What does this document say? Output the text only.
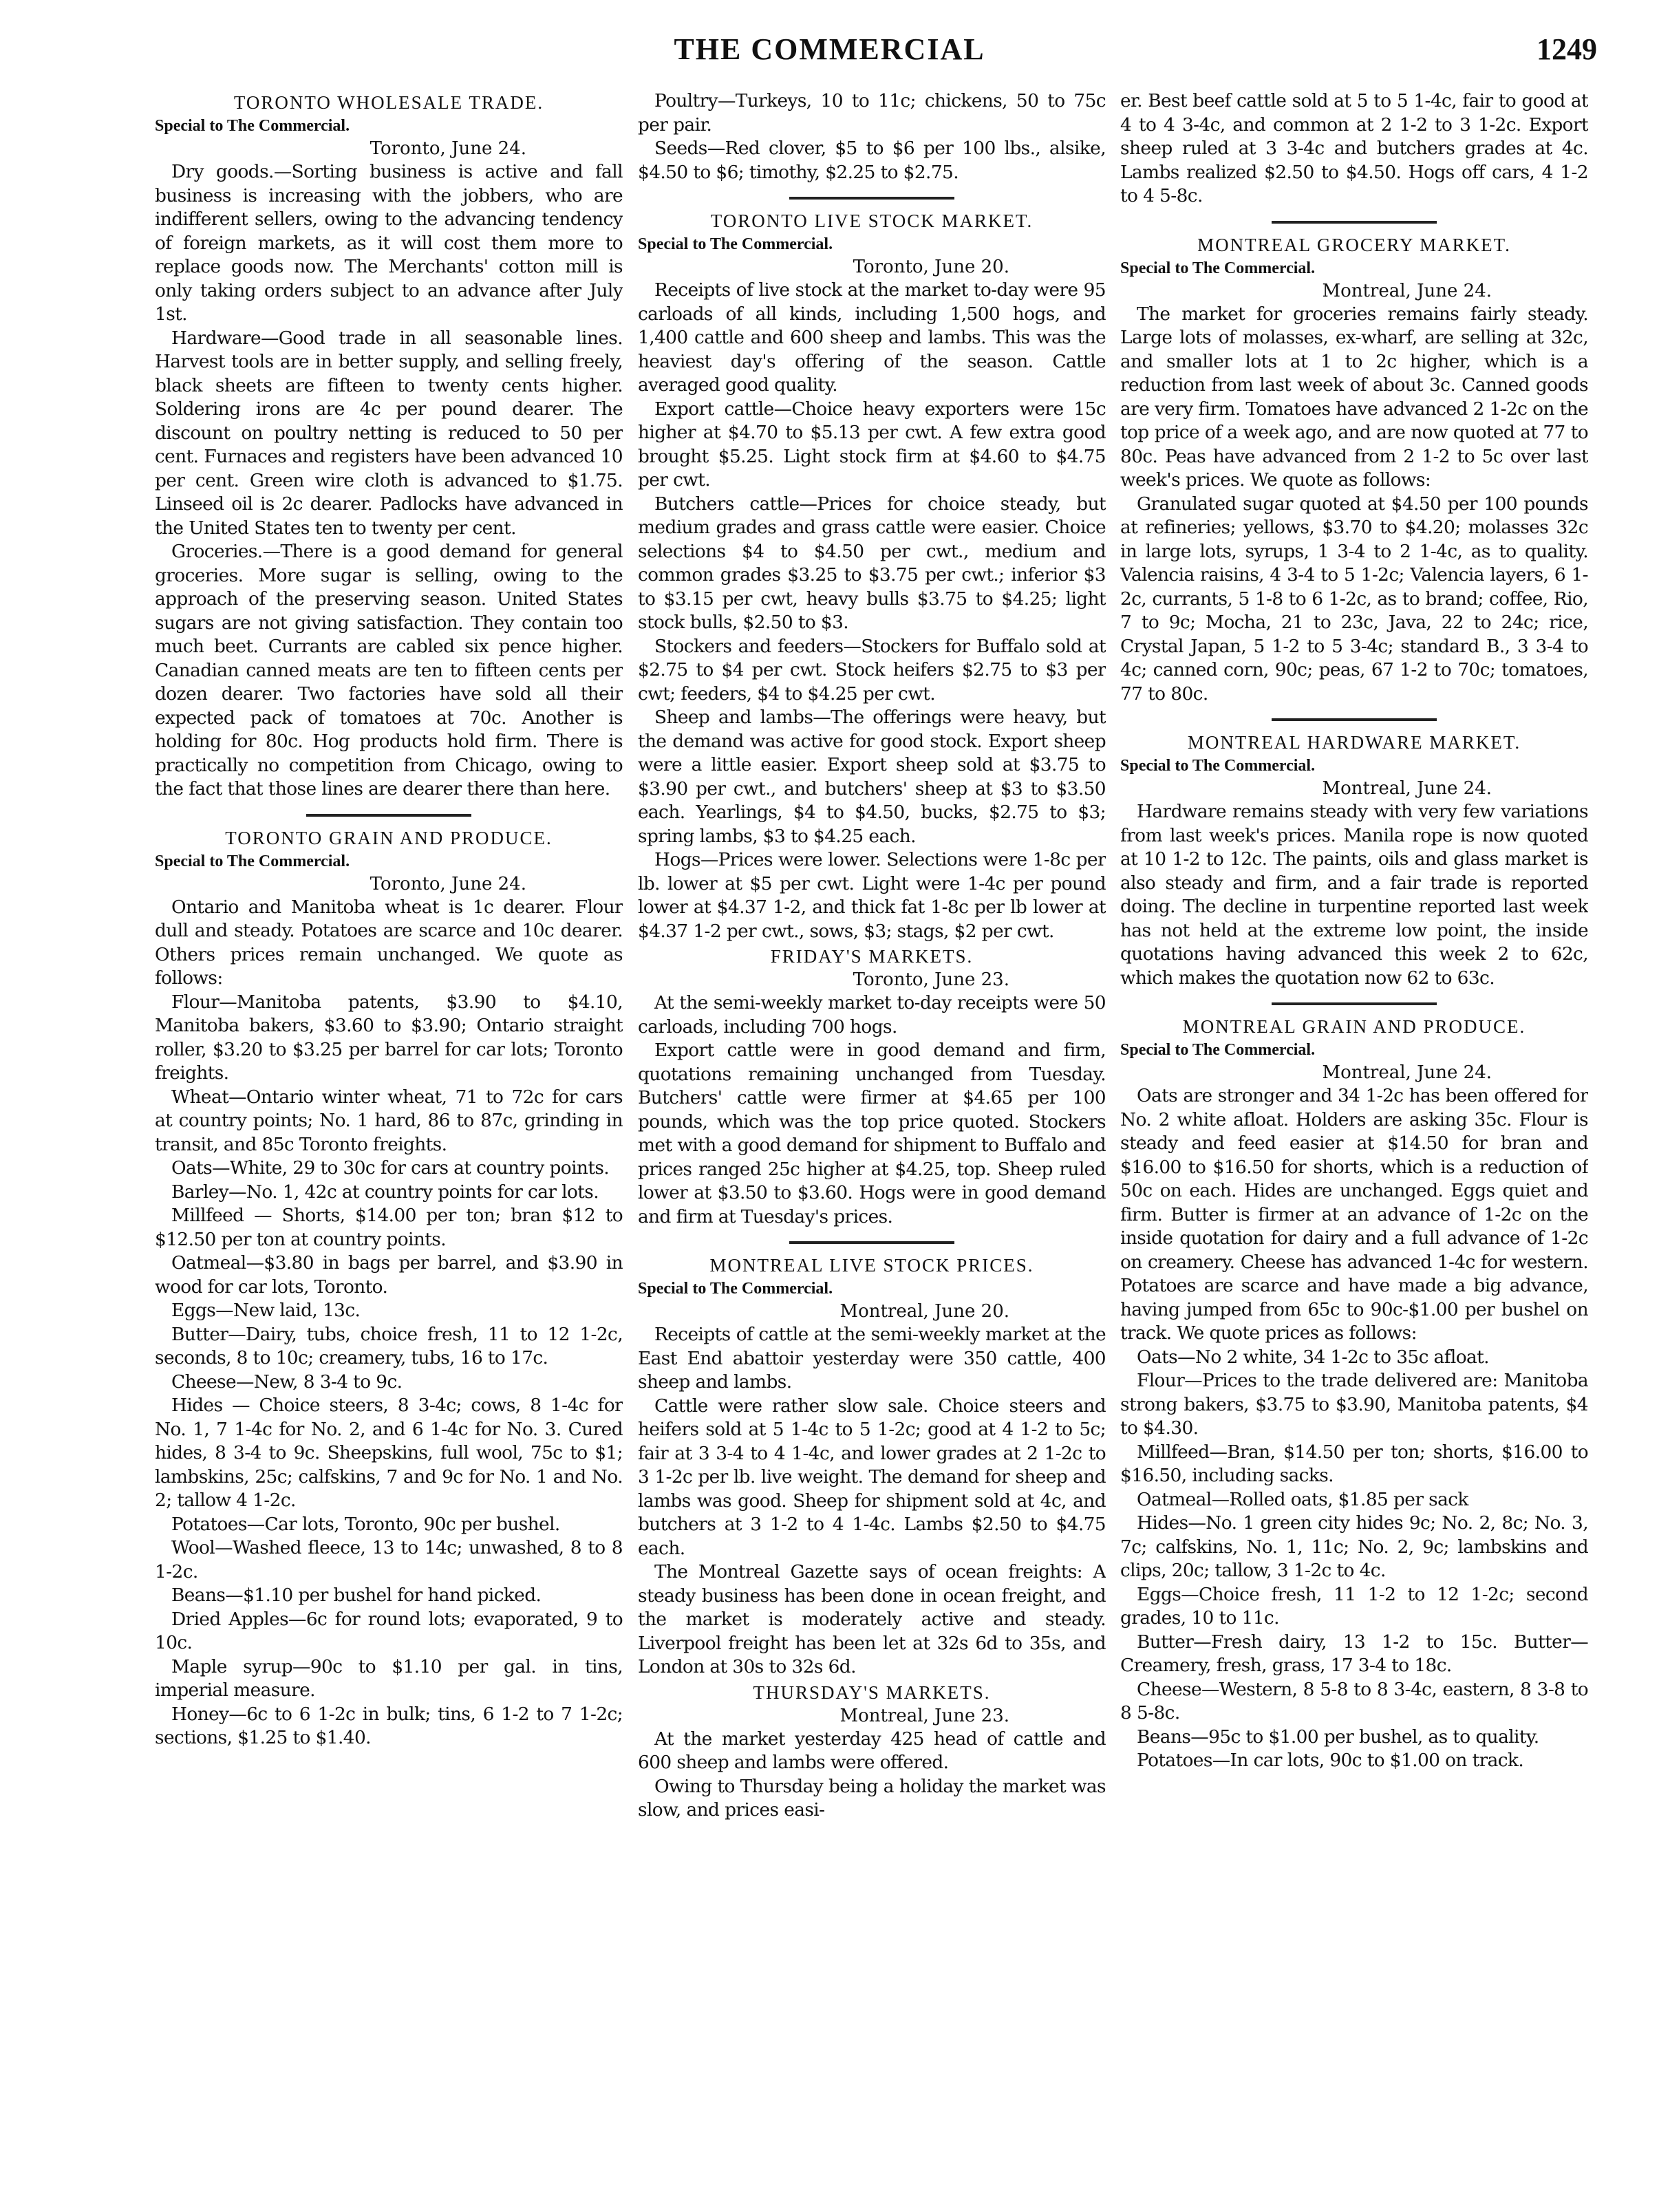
THE COMMERCIAL	1249
TORONTO WHOLESALE TRADE.
Special to The Commercial.
Toronto, June 24.

Dry goods.—Sorting business is active and fall business is increasing with the jobbers, who are indifferent sellers, owing to the advancing tendency of foreign markets, as it will cost them more to replace goods now. The Merchants' cotton mill is only taking orders subject to an advance after July 1st.

Hardware—Good trade in all seasonable lines. Harvest tools are in better supply, and selling freely, black sheets are fifteen to twenty cents higher. Soldering irons are 4c per pound dearer. The discount on poultry netting is reduced to 50 per cent. Furnaces and registers have been advanced 10 per cent. Green wire cloth is advanced to $1.75. Linseed oil is 2c dearer. Padlocks have advanced in the United States ten to twenty per cent.

Groceries.—There is a good demand for general groceries. More sugar is selling, owing to the approach of the preserving season. United States sugars are not giving satisfaction. They contain too much beet. Currants are cabled six pence higher. Canadian canned meats are ten to fifteen cents per dozen dearer. Two factories have sold all their expected pack of tomatoes at 70c. Another is holding for 80c. Hog products hold firm. There is practically no competition from Chicago, owing to the fact that those lines are dearer there than here.

TORONTO GRAIN AND PRODUCE.
Special to The Commercial.
Toronto, June 24.

Ontario and Manitoba wheat is 1c dearer. Flour dull and steady. Potatoes are scarce and 10c dearer. Others prices remain unchanged. We quote as follows:

Flour—Manitoba patents, $3.90 to $4.10, Manitoba bakers, $3.60 to $3.90; Ontario straight roller, $3.20 to $3.25 per barrel for car lots; Toronto freights.

Wheat—Ontario winter wheat, 71 to 72c for cars at country points; No. 1 hard, 86 to 87c, grinding in transit, and 85c Toronto freights.

Oats—White, 29 to 30c for cars at country points.

Barley—No. 1, 42c at country points for car lots.

Millfeed — Shorts, $14.00 per ton; bran $12 to $12.50 per ton at country points.

Oatmeal—$3.80 in bags per barrel, and $3.90 in wood for car lots, Toronto.

Eggs—New laid, 13c.

Butter—Dairy, tubs, choice fresh, 11 to 12 1-2c, seconds, 8 to 10c; creamery, tubs, 16 to 17c.

Cheese—New, 8 3-4 to 9c.

Hides — Choice steers, 8 3-4c; cows, 8 1-4c for No. 1, 7 1-4c for No. 2, and 6 1-4c for No. 3. Cured hides, 8 3-4 to 9c. Sheepskins, full wool, 75c to $1; lambskins, 25c; calfskins, 7 and 9c for No. 1 and No. 2; tallow 4 1-2c.

Potatoes—Car lots, Toronto, 90c per bushel.

Wool—Washed fleece, 13 to 14c; unwashed, 8 to 8 1-2c.

Beans—$1.10 per bushel for hand picked.

Dried Apples—6c for round lots; evaporated, 9 to 10c.

Maple syrup—90c to $1.10 per gal. in tins, imperial measure.

Honey—6c to 6 1-2c in bulk; tins, 6 1-2 to 7 1-2c; sections, $1.25 to $1.40.

Poultry—Turkeys, 10 to 11c; chickens, 50 to 75c per pair.

Seeds—Red clover, $5 to $6 per 100 lbs., alsike, $4.50 to $6; timothy, $2.25 to $2.75.

TORONTO LIVE STOCK MARKET.
Special to The Commercial.
Toronto, June 20.

Receipts of live stock at the market to-day were 95 carloads of all kinds, including 1,500 hogs, and 1,400 cattle and 600 sheep and lambs. This was the heaviest day's offering of the season. Cattle averaged good quality.

Export cattle—Choice heavy exporters were 15c higher at $4.70 to $5.13 per cwt. A few extra good brought $5.25. Light stock firm at $4.60 to $4.75 per cwt.

Butchers cattle—Prices for choice steady, but medium grades and grass cattle were easier. Choice selections $4 to $4.50 per cwt., medium and common grades $3.25 to $3.75 per cwt.; inferior $3 to $3.15 per cwt, heavy bulls $3.75 to $4.25; light stock bulls, $2.50 to $3.

Stockers and feeders—Stockers for Buffalo sold at $2.75 to $4 per cwt. Stock heifers $2.75 to $3 per cwt; feeders, $4 to $4.25 per cwt.

Sheep and lambs—The offerings were heavy, but the demand was active for good stock. Export sheep were a little easier. Export sheep sold at $3.75 to $3.90 per cwt., and butchers' sheep at $3 to $3.50 each. Yearlings, $4 to $4.50, bucks, $2.75 to $3; spring lambs, $3 to $4.25 each.

Hogs—Prices were lower. Selections were 1-8c per lb. lower at $5 per cwt. Light were 1-4c per pound lower at $4.37 1-2, and thick fat 1-8c per lb lower at $4.37 1-2 per cwt., sows, $3; stags, $2 per cwt.

FRIDAY'S MARKETS.
Toronto, June 23.

At the semi-weekly market to-day receipts were 50 carloads, including 700 hogs.

Export cattle were in good demand and firm, quotations remaining unchanged from Tuesday. Butchers' cattle were firmer at $4.65 per 100 pounds, which was the top price quoted. Stockers met with a good demand for shipment to Buffalo and prices ranged 25c higher at $4.25, top. Sheep ruled lower at $3.50 to $3.60. Hogs were in good demand and firm at Tuesday's prices.

MONTREAL LIVE STOCK PRICES.
Special to The Commercial.
Montreal, June 20.

Receipts of cattle at the semi-weekly market at the East End abattoir yesterday were 350 cattle, 400 sheep and lambs.

Cattle were rather slow sale. Choice steers and heifers sold at 5 1-4c to 5 1-2c; good at 4 1-2 to 5c; fair at 3 3-4 to 4 1-4c, and lower grades at 2 1-2c to 3 1-2c per lb. live weight. The demand for sheep and lambs was good. Sheep for shipment sold at 4c, and butchers at 3 1-2 to 4 1-4c. Lambs $2.50 to $4.75 each.

The Montreal Gazette says of ocean freights: A steady business has been done in ocean freight, and the market is moderately active and steady. Liverpool freight has been let at 32s 6d to 35s, and London at 30s to 32s 6d.

THURSDAY'S MARKETS.
Montreal, June 23.

At the market yesterday 425 head of cattle and 600 sheep and lambs were offered.

Owing to Thursday being a holiday the market was slow, and prices easi-

er. Best beef cattle sold at 5 to 5 1-4c, fair to good at 4 to 4 3-4c, and common at 2 1-2 to 3 1-2c. Export sheep ruled at 3 3-4c and butchers grades at 4c. Lambs realized $2.50 to $4.50. Hogs off cars, 4 1-2 to 4 5-8c.

MONTREAL GROCERY MARKET.
Special to The Commercial.
Montreal, June 24.

The market for groceries remains fairly steady. Large lots of molasses, ex-wharf, are selling at 32c, and smaller lots at 1 to 2c higher, which is a reduction from last week of about 3c. Canned goods are very firm. Tomatoes have advanced 2 1-2c on the top price of a week ago, and are now quoted at 77 to 80c. Peas have advanced from 2 1-2 to 5c over last week's prices. We quote as follows:

Granulated sugar quoted at $4.50 per 100 pounds at refineries; yellows, $3.70 to $4.20; molasses 32c in large lots, syrups, 1 3-4 to 2 1-4c, as to quality. Valencia raisins, 4 3-4 to 5 1-2c; Valencia layers, 6 1-2c, currants, 5 1-8 to 6 1-2c, as to brand; coffee, Rio, 7 to 9c; Mocha, 21 to 23c, Java, 22 to 24c; rice, Crystal Japan, 5 1-2 to 5 3-4c; standard B., 3 3-4 to 4c; canned corn, 90c; peas, 67 1-2 to 70c; tomatoes, 77 to 80c.

MONTREAL HARDWARE MARKET.
Special to The Commercial.
Montreal, June 24.

Hardware remains steady with very few variations from last week's prices. Manila rope is now quoted at 10 1-2 to 12c. The paints, oils and glass market is also steady and firm, and a fair trade is reported doing. The decline in turpentine reported last week has not held at the extreme low point, the inside quotations having advanced this week 2 to 62c, which makes the quotation now 62 to 63c.

MONTREAL GRAIN AND PRODUCE.
Special to The Commercial.
Montreal, June 24.

Oats are stronger and 34 1-2c has been offered for No. 2 white afloat. Holders are asking 35c. Flour is steady and feed easier at $14.50 for bran and $16.00 to $16.50 for shorts, which is a reduction of 50c on each. Hides are unchanged. Eggs quiet and firm. Butter is firmer at an advance of 1-2c on the inside quotation for dairy and a full advance of 1-2c on creamery. Cheese has advanced 1-4c for western. Potatoes are scarce and have made a big advance, having jumped from 65c to 90c-$1.00 per bushel on track. We quote prices as follows:

Oats—No 2 white, 34 1-2c to 35c afloat.

Flour—Prices to the trade delivered are: Manitoba strong bakers, $3.75 to $3.90, Manitoba patents, $4 to $4.30.

Millfeed—Bran, $14.50 per ton; shorts, $16.00 to $16.50, including sacks.

Oatmeal—Rolled oats, $1.85 per sack

Hides—No. 1 green city hides 9c; No. 2, 8c; No. 3, 7c; calfskins, No. 1, 11c; No. 2, 9c; lambskins and clips, 20c; tallow, 3 1-2c to 4c.

Eggs—Choice fresh, 11 1-2 to 12 1-2c; second grades, 10 to 11c.

Butter—Fresh dairy, 13 1-2 to 15c. Butter—Creamery, fresh, grass, 17 3-4 to 18c.

Cheese—Western, 8 5-8 to 8 3-4c, eastern, 8 3-8 to 8 5-8c.

Beans—95c to $1.00 per bushel, as to quality.

Potatoes—In car lots, 90c to $1.00 on track.
